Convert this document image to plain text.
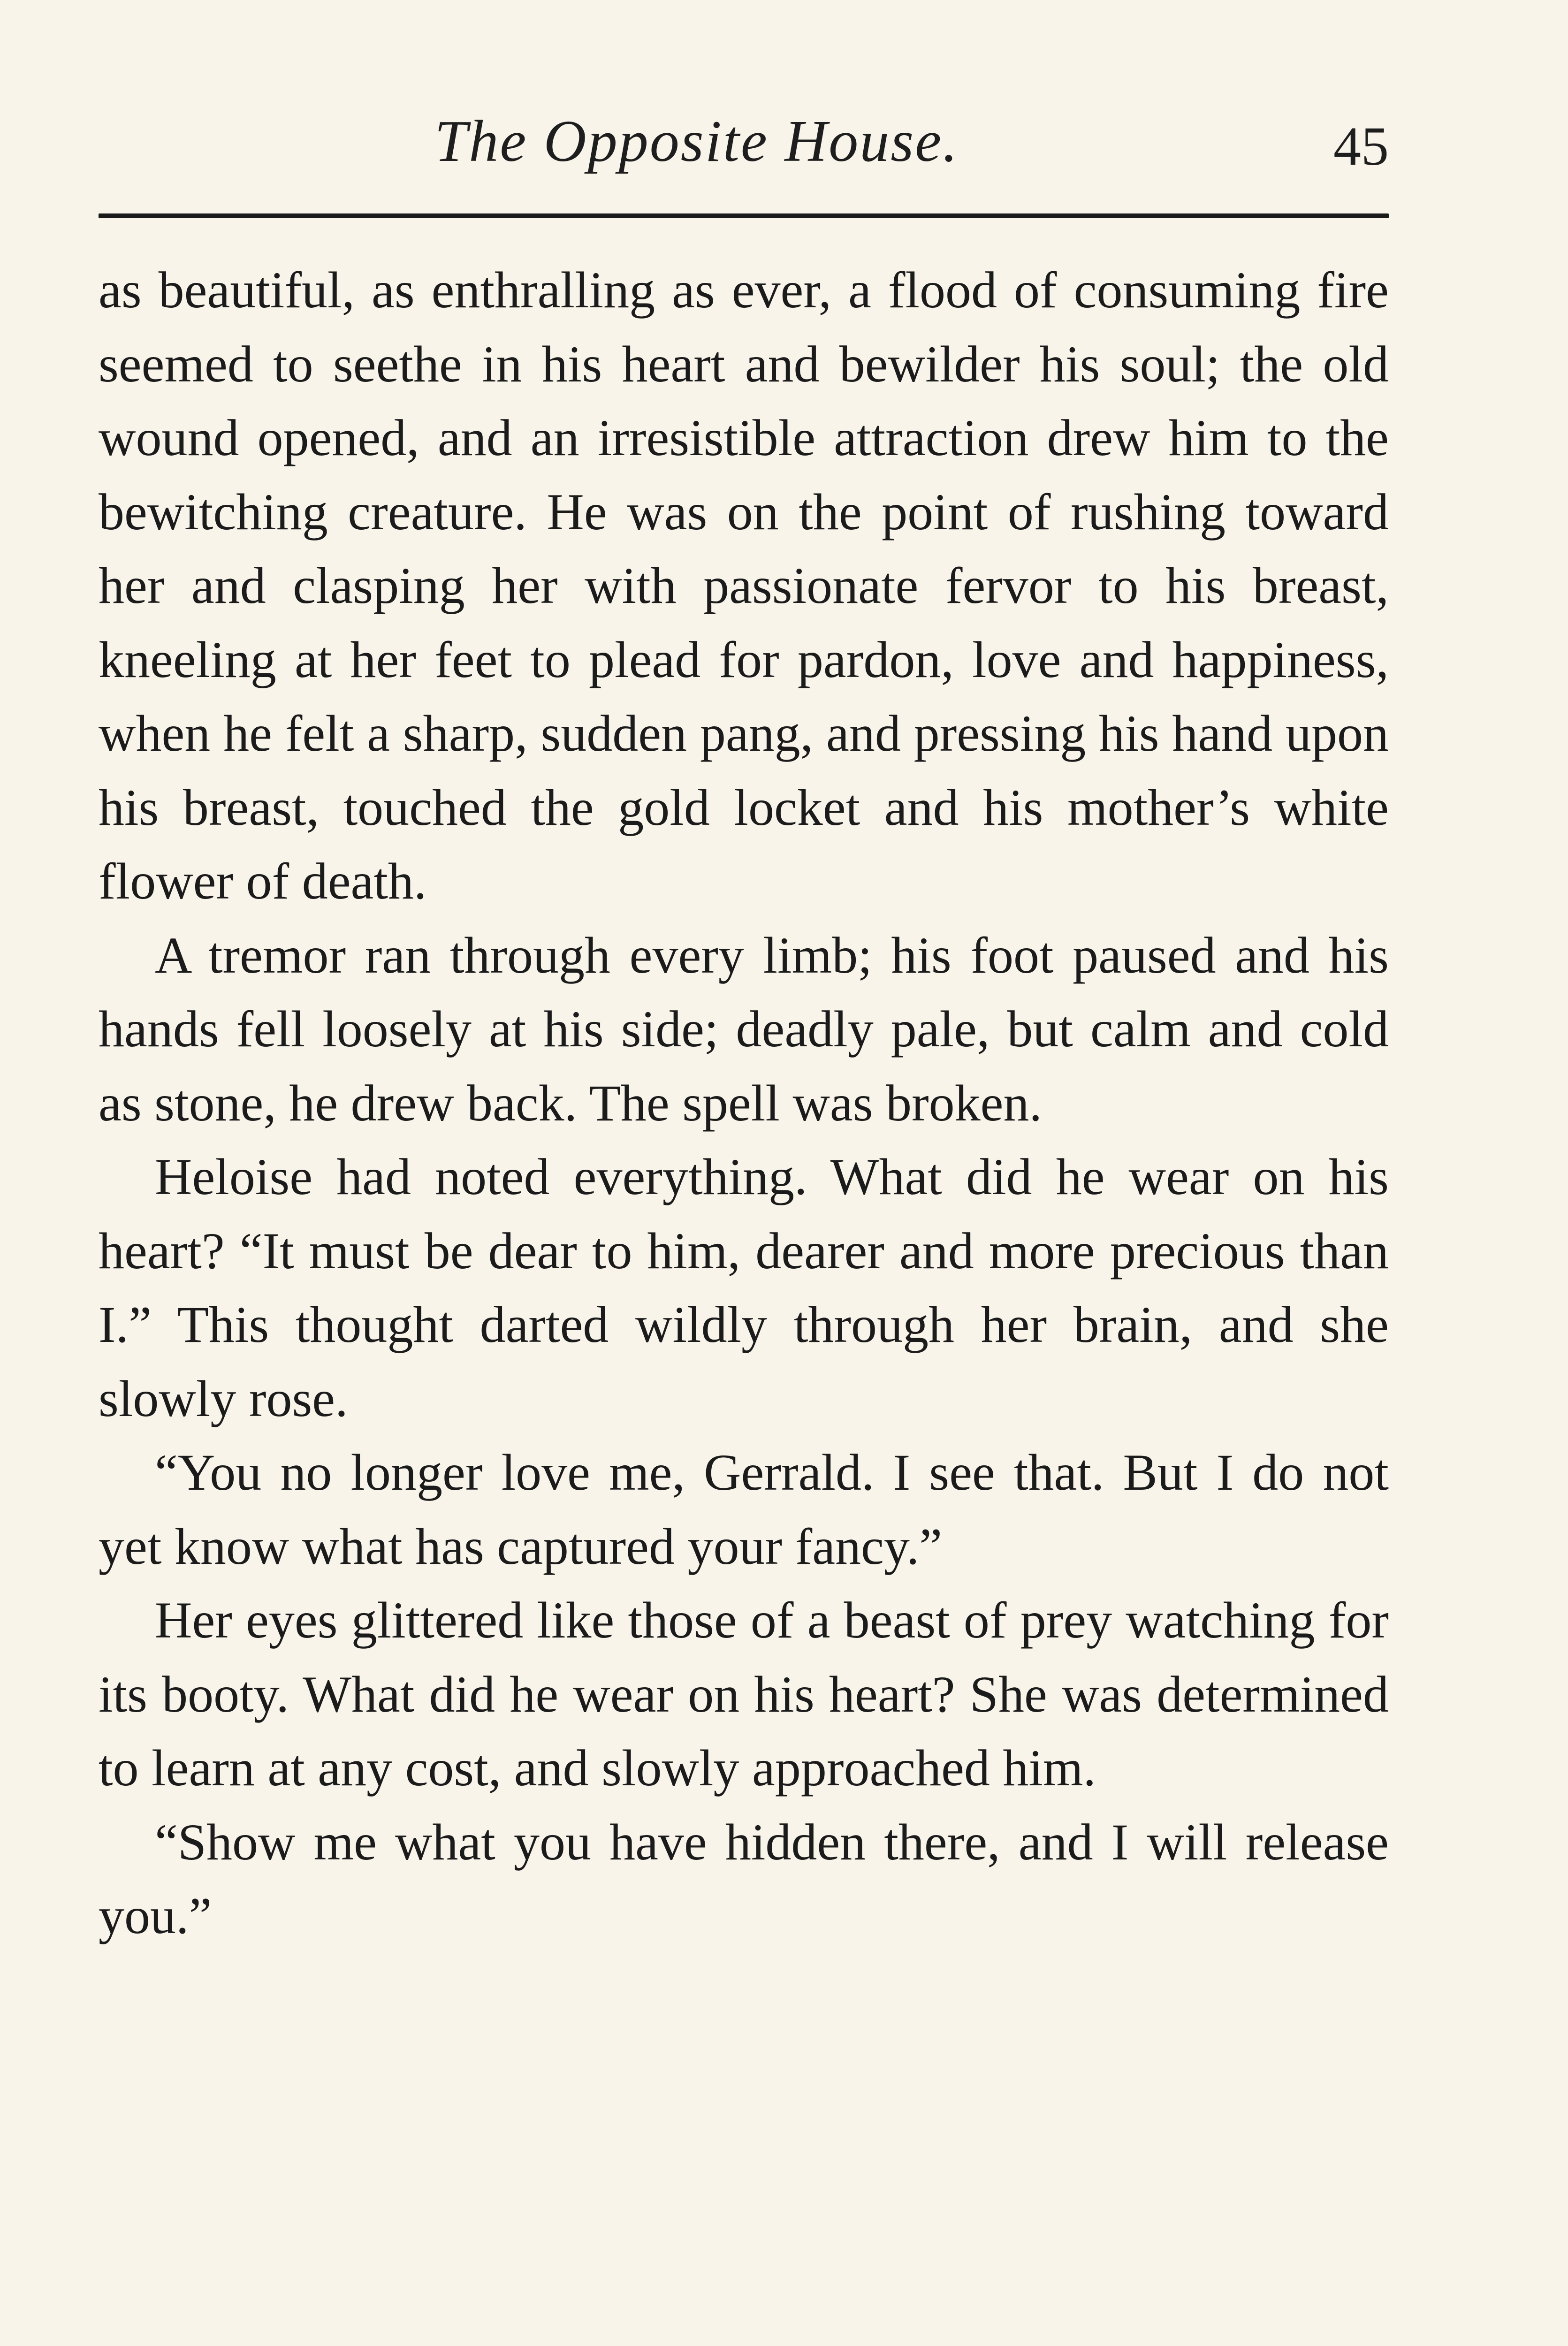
The Opposite House.	45

as beautiful, as enthralling as ever, a flood of consuming fire seemed to seethe in his heart and bewilder his soul; the old wound opened, and an irresistible attraction drew him to the bewitching creature. He was on the point of rushing toward her and clasping her with passionate fervor to his breast, kneeling at her feet to plead for pardon, love and happiness, when he felt a sharp, sudden pang, and pressing his hand upon his breast, touched the gold locket and his mother’s white flower of death.

A tremor ran through every limb; his foot paused and his hands fell loosely at his side; deadly pale, but calm and cold as stone, he drew back. The spell was broken.

Heloise had noted everything. What did he wear on his heart? “It must be dear to him, dearer and more precious than I.” This thought darted wildly through her brain, and she slowly rose.

“You no longer love me, Gerrald. I see that. But I do not yet know what has captured your fancy.”

Her eyes glittered like those of a beast of prey watching for its booty. What did he wear on his heart? She was determined to learn at any cost, and slowly approached him.

“Show me what you have hidden there, and I will release you.”
